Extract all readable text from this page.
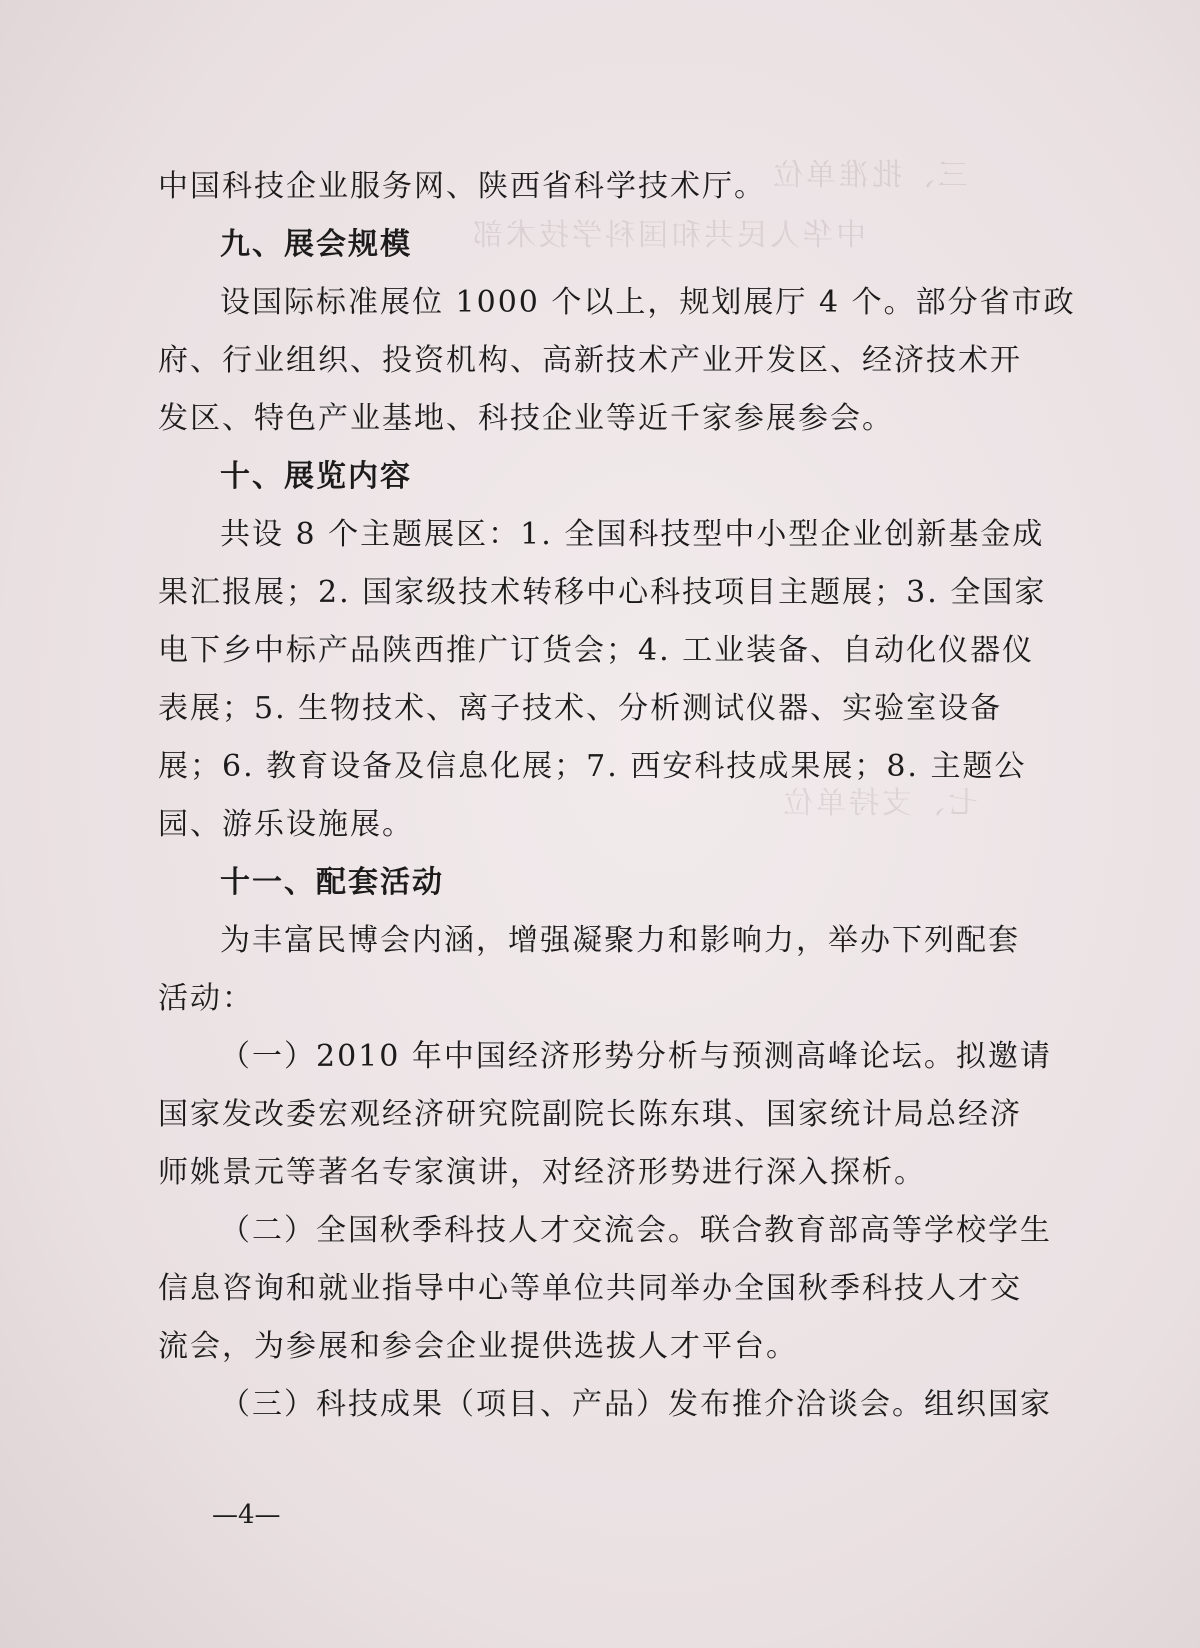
三、批准单位
中华人民共和国科学技术部
七、支持单位
中国科技企业服务网、陕西省科学技术厅。
九、展会规模
设国际标准展位 1000 个以上，规划展厅 4 个。部分省市政
府、行业组织、投资机构、高新技术产业开发区、经济技术开
发区、特色产业基地、科技企业等近千家参展参会。
十、展览内容
共设 8 个主题展区：1. 全国科技型中小型企业创新基金成
果汇报展；2. 国家级技术转移中心科技项目主题展；3. 全国家
电下乡中标产品陕西推广订货会；4. 工业装备、自动化仪器仪
表展；5. 生物技术、离子技术、分析测试仪器、实验室设备
展；6. 教育设备及信息化展；7. 西安科技成果展；8. 主题公
园、游乐设施展。
十一、配套活动
为丰富民博会内涵，增强凝聚力和影响力，举办下列配套
活动：
（一）2010 年中国经济形势分析与预测高峰论坛。拟邀请
国家发改委宏观经济研究院副院长陈东琪、国家统计局总经济
师姚景元等著名专家演讲，对经济形势进行深入探析。
（二）全国秋季科技人才交流会。联合教育部高等学校学生
信息咨询和就业指导中心等单位共同举办全国秋季科技人才交
流会，为参展和参会企业提供选拔人才平台。
（三）科技成果（项目、产品）发布推介洽谈会。组织国家
—4—
